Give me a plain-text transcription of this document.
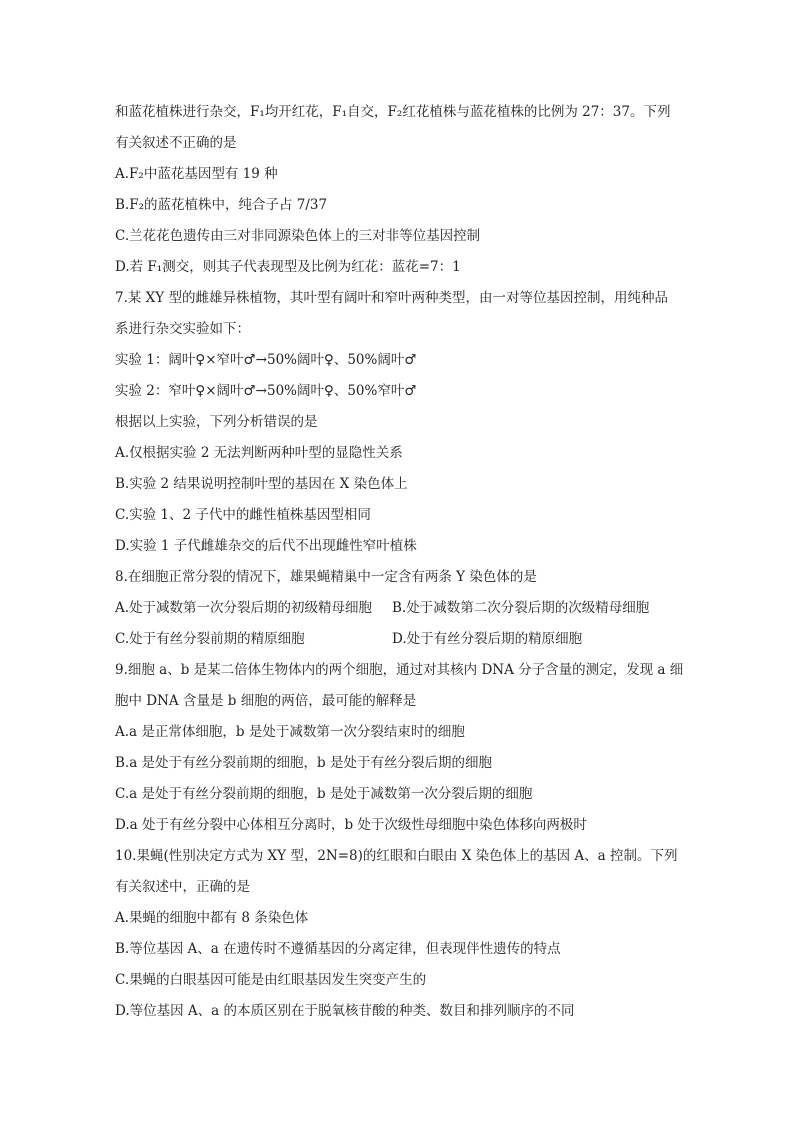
和蓝花植株进行杂交，F₁均开红花，F₁自交，F₂红花植株与蓝花植株的比例为 27：37。下列
有关叙述不正确的是
A.F₂中蓝花基因型有 19 种
B.F₂的蓝花植株中，纯合子占 7/37
C.兰花花色遗传由三对非同源染色体上的三对非等位基因控制
D.若 F₁测交，则其子代表现型及比例为红花：蓝花=7：1
7.某 XY 型的雌雄异株植物，其叶型有阔叶和窄叶两种类型，由一对等位基因控制，用纯种品
系进行杂交实验如下：
实验 1：阔叶♀×窄叶♂→50%阔叶♀、50%阔叶♂
实验 2：窄叶♀×阔叶♂→50%阔叶♀、50%窄叶♂
根据以上实验，下列分析错误的是
A.仅根据实验 2 无法判断两种叶型的显隐性关系
B.实验 2 结果说明控制叶型的基因在 X 染色体上
C.实验 1、2 子代中的雌性植株基因型相同
D.实验 1 子代雌雄杂交的后代不出现雌性窄叶植株
8.在细胞正常分裂的情况下，雄果蝇精巢中一定含有两条 Y 染色体的是
A.处于减数第一次分裂后期的初级精母细胞 B.处于减数第二次分裂后期的次级精母细胞
C.处于有丝分裂前期的精原细胞	D.处于有丝分裂后期的精原细胞
9.细胞 a、b 是某二倍体生物体内的两个细胞，通过对其核内 DNA 分子含量的测定，发现 a 细
胞中 DNA 含量是 b 细胞的两倍，最可能的解释是
A.a 是正常体细胞，b 是处于减数第一次分裂结束时的细胞
B.a 是处于有丝分裂前期的细胞，b 是处于有丝分裂后期的细胞
C.a 是处于有丝分裂前期的细胞，b 是处于减数第一次分裂后期的细胞
D.a 处于有丝分裂中心体相互分离时，b 处于次级性母细胞中染色体移向两极时
10.果蝇(性别决定方式为 XY 型，2N=8)的红眼和白眼由 X 染色体上的基因 A、a 控制。下列
有关叙述中，正确的是
A.果蝇的细胞中都有 8 条染色体
B.等位基因 A、a 在遗传时不遵循基因的分离定律，但表现伴性遗传的特点
C.果蝇的白眼基因可能是由红眼基因发生突变产生的
D.等位基因 A、a 的本质区别在于脱氧核苷酸的种类、数目和排列顺序的不同
